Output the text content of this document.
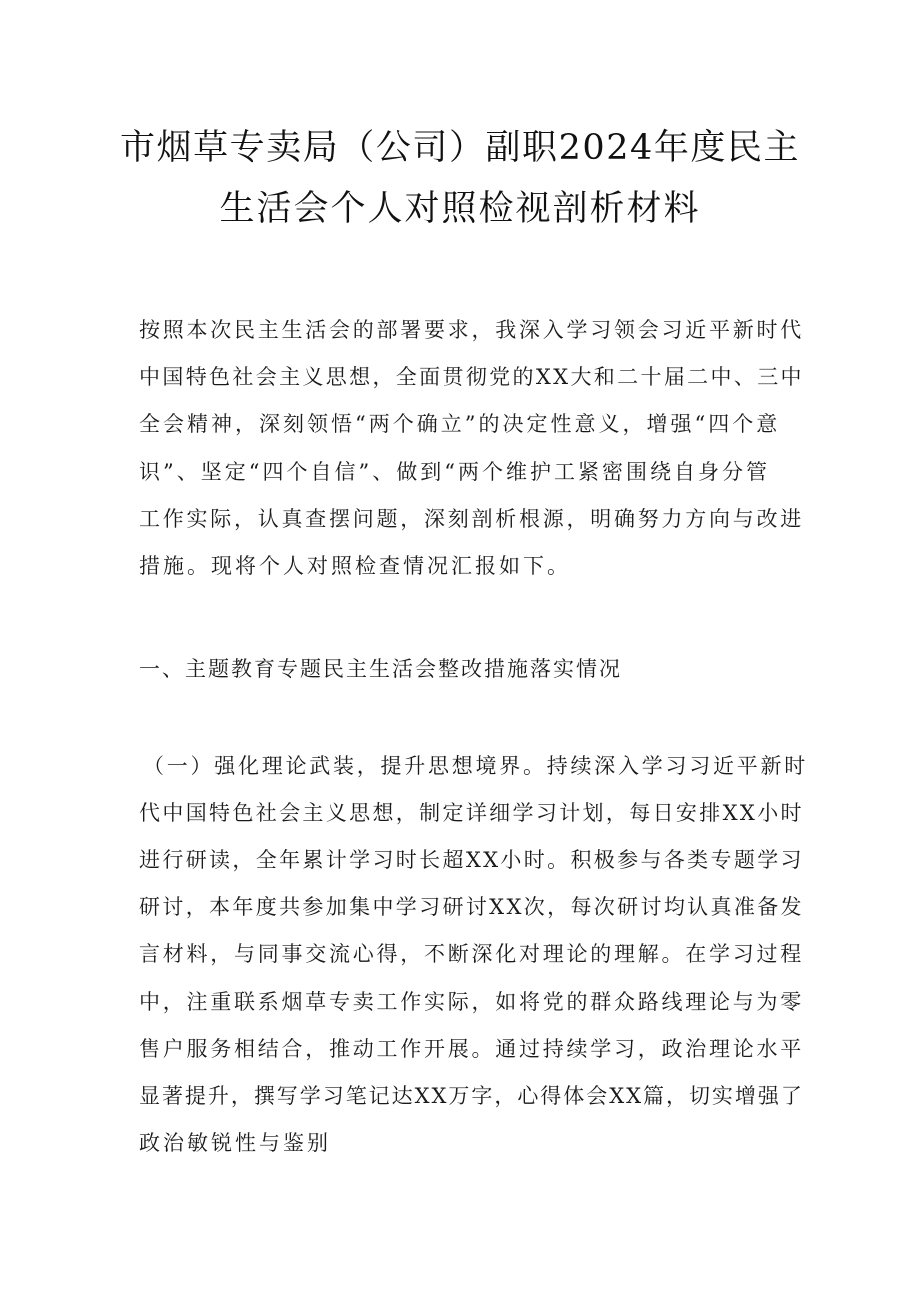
市烟草专卖局（公司）副职2024年度民主
生活会个人对照检视剖析材料
按照本次民主生活会的部署要求，我深入学习领会习近平新时代
中国特色社会主义思想，全面贯彻党的XX大和二十届二中、三中
全会精神，深刻领悟“两个确立”的决定性意义，增强“四个意
识”、坚定“四个自信”、做到“两个维护工紧密围绕自身分管
工作实际，认真查摆问题，深刻剖析根源，明确努力方向与改进
措施。现将个人对照检查情况汇报如下。
一、主题教育专题民主生活会整改措施落实情况
（一）强化理论武装，提升思想境界。持续深入学习习近平新时
代中国特色社会主义思想，制定详细学习计划，每日安排XX小时
进行研读，全年累计学习时长超XX小时。积极参与各类专题学习
研讨，本年度共参加集中学习研讨XX次，每次研讨均认真准备发
言材料，与同事交流心得，不断深化对理论的理解。在学习过程
中，注重联系烟草专卖工作实际，如将党的群众路线理论与为零
售户服务相结合，推动工作开展。通过持续学习，政治理论水平
显著提升，撰写学习笔记达XX万字，心得体会XX篇，切实增强了
政治敏锐性与鉴别
